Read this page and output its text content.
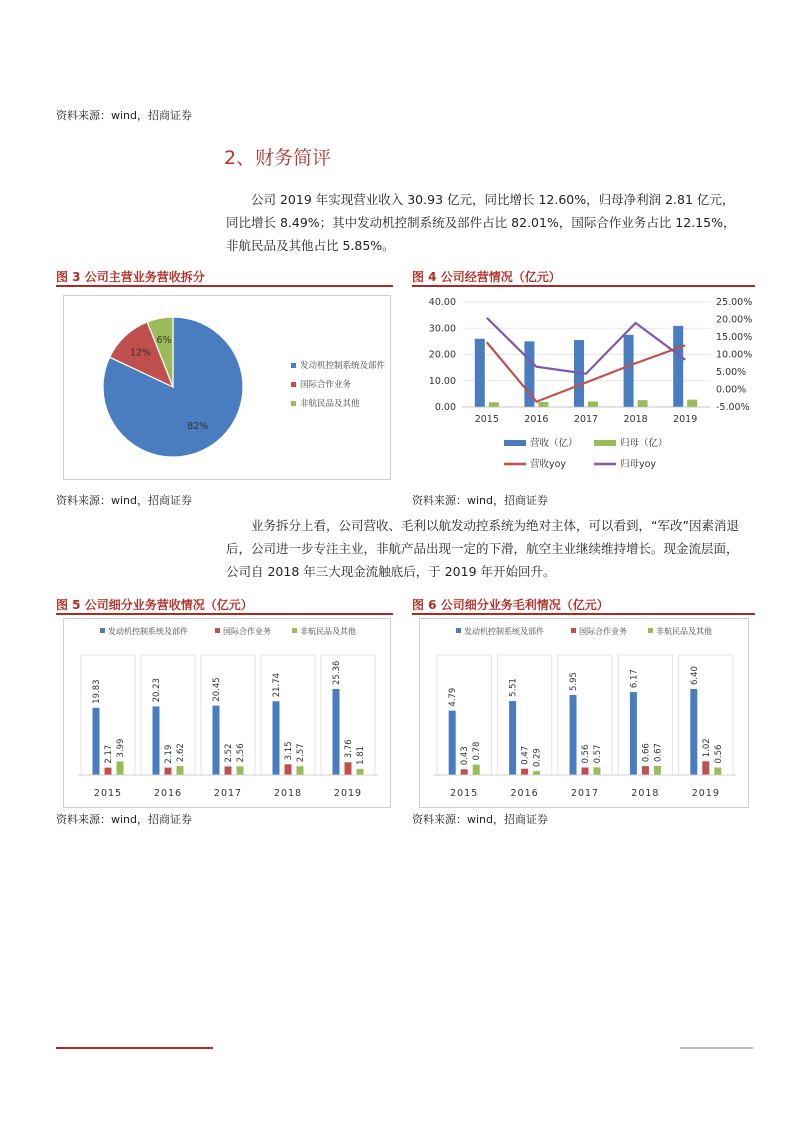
资料来源：wind，招商证券
2、财务简评

公司 2019 年实现营业收入 30.93 亿元，同比增长 12.60%，归母净利润 2.81 亿元，同比增长 8.49%；其中发动机控制系统及部件占比 82.01%，国际合作业务占比 12.15%，非航民品及其他占比 5.85%。

图 3 公司主营业务营收拆分
82%
12%
6%
发动机控制系统及部件
国际合作业务
非航民品及其他
资料来源：wind，招商证券
图 4 公司经营情况（亿元）
40.00
30.00
20.00
10.00
0.00
25.00%
20.00%
15.00%
10.00%
5.00%
0.00%
-5.00%
2015	2016	2017	2018	2019
营收（亿）	归母（亿）
营收yoy	归母yoy
资料来源：wind，招商证券

业务拆分上看，公司营收、毛利以航发动控系统为绝对主体，可以看到，“军改”因素消退后，公司进一步专注主业，非航产品出现一定的下滑，航空主业继续维持增长。现金流层面，公司自 2018 年三大现金流触底后，于 2019 年开始回升。

图 5 公司细分业务营收情况（亿元）
发动机控制系统及部件	国际合作业务	非航民品及其他
19.83
2.17 3.99
2015
20.23
2.19 2.62
2016
20.45
2.52 2.56
2017
21.74
3.15 2.57
2018
25.36
3.76 1.81
2019
资料来源：wind，招商证券
图 6 公司细分业务毛利情况（亿元）
发动机控制系统及部件	国际合作业务	非航民品及其他
4.79
0.43 0.78
2015
5.51
0.47 0.29
2016
5.95
0.56 0.57
2017
6.17
0.66 0.67
2018
6.40
1.02 0.56
2019
资料来源：wind，招商证券
